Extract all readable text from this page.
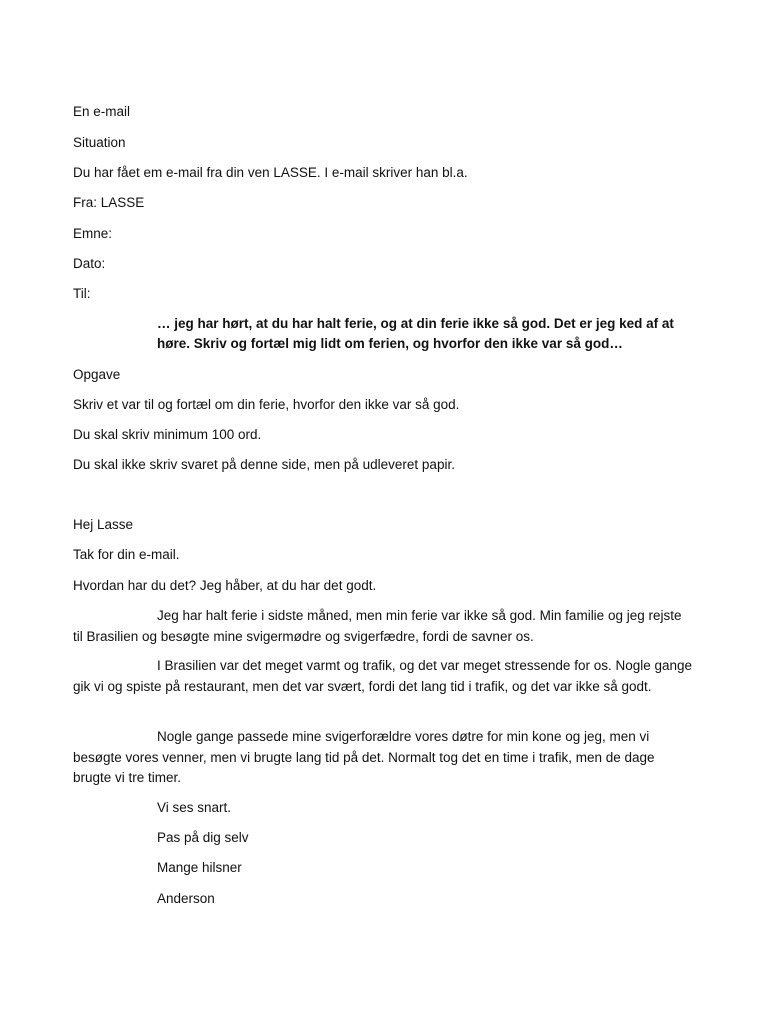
En e-mail
Situation
Du har fået em e-mail fra din ven LASSE. I e-mail skriver han bl.a.
Fra: LASSE
Emne:
Dato:
Til:
… jeg har hørt, at du har halt ferie, og at din ferie ikke så god. Det er jeg ked af at høre. Skriv og fortæl mig lidt om ferien, og hvorfor den ikke var så god…
Opgave
Skriv et var til og fortæl om din ferie, hvorfor den ikke var så god.
Du skal skriv minimum 100 ord.
Du skal ikke skriv svaret på denne side, men på udleveret papir.
Hej Lasse
Tak for din e-mail.
Hvordan har du det? Jeg håber, at du har det godt.
Jeg har halt ferie i sidste måned, men min ferie var ikke så god. Min familie og jeg rejste til Brasilien og besøgte mine svigermødre og svigerfædre, fordi de savner os.
I Brasilien var det meget varmt og trafik, og det var meget stressende for os. Nogle gange gik vi og spiste på restaurant, men det var svært, fordi det lang tid i trafik, og det var ikke så godt.
Nogle gange passede mine svigerforældre vores døtre for min kone og jeg, men vi besøgte vores venner, men vi brugte lang tid på det. Normalt tog det en time i trafik, men de dage brugte vi tre timer.
Vi ses snart.
Pas på dig selv
Mange hilsner
Anderson
